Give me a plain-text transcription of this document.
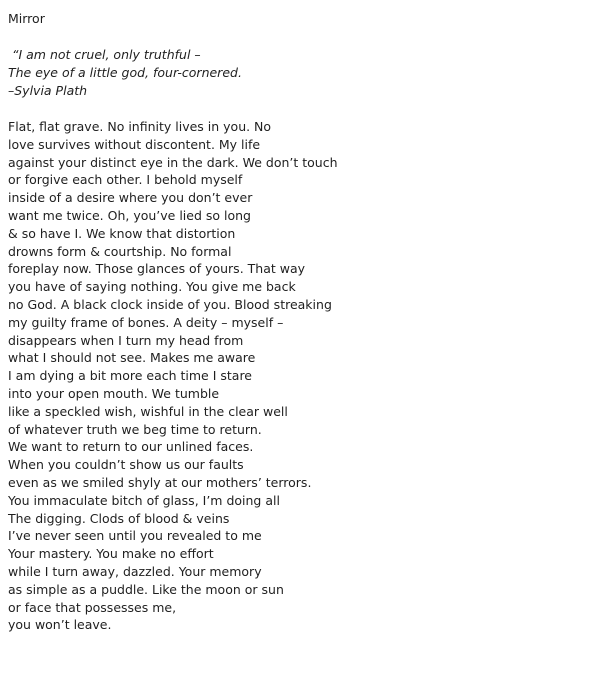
Mirror
“I am not cruel, only truthful –
The eye of a little god, four-cornered.
–Sylvia Plath
Flat, flat grave. No infinity lives in you. No
love survives without discontent. My life
against your distinct eye in the dark. We don’t touch
or forgive each other. I behold myself
inside of a desire where you don’t ever
want me twice. Oh, you’ve lied so long
& so have I. We know that distortion
drowns form & courtship. No formal
foreplay now. Those glances of yours. That way
you have of saying nothing. You give me back
no God. A black clock inside of you. Blood streaking
my guilty frame of bones. A deity – myself –
disappears when I turn my head from
what I should not see. Makes me aware
I am dying a bit more each time I stare
into your open mouth. We tumble
like a speckled wish, wishful in the clear well
of whatever truth we beg time to return.
We want to return to our unlined faces.
When you couldn’t show us our faults
even as we smiled shyly at our mothers’ terrors.
You immaculate bitch of glass, I’m doing all
The digging. Clods of blood & veins
I’ve never seen until you revealed to me
Your mastery. You make no effort
while I turn away, dazzled. Your memory
as simple as a puddle. Like the moon or sun
or face that possesses me,
you won’t leave.
